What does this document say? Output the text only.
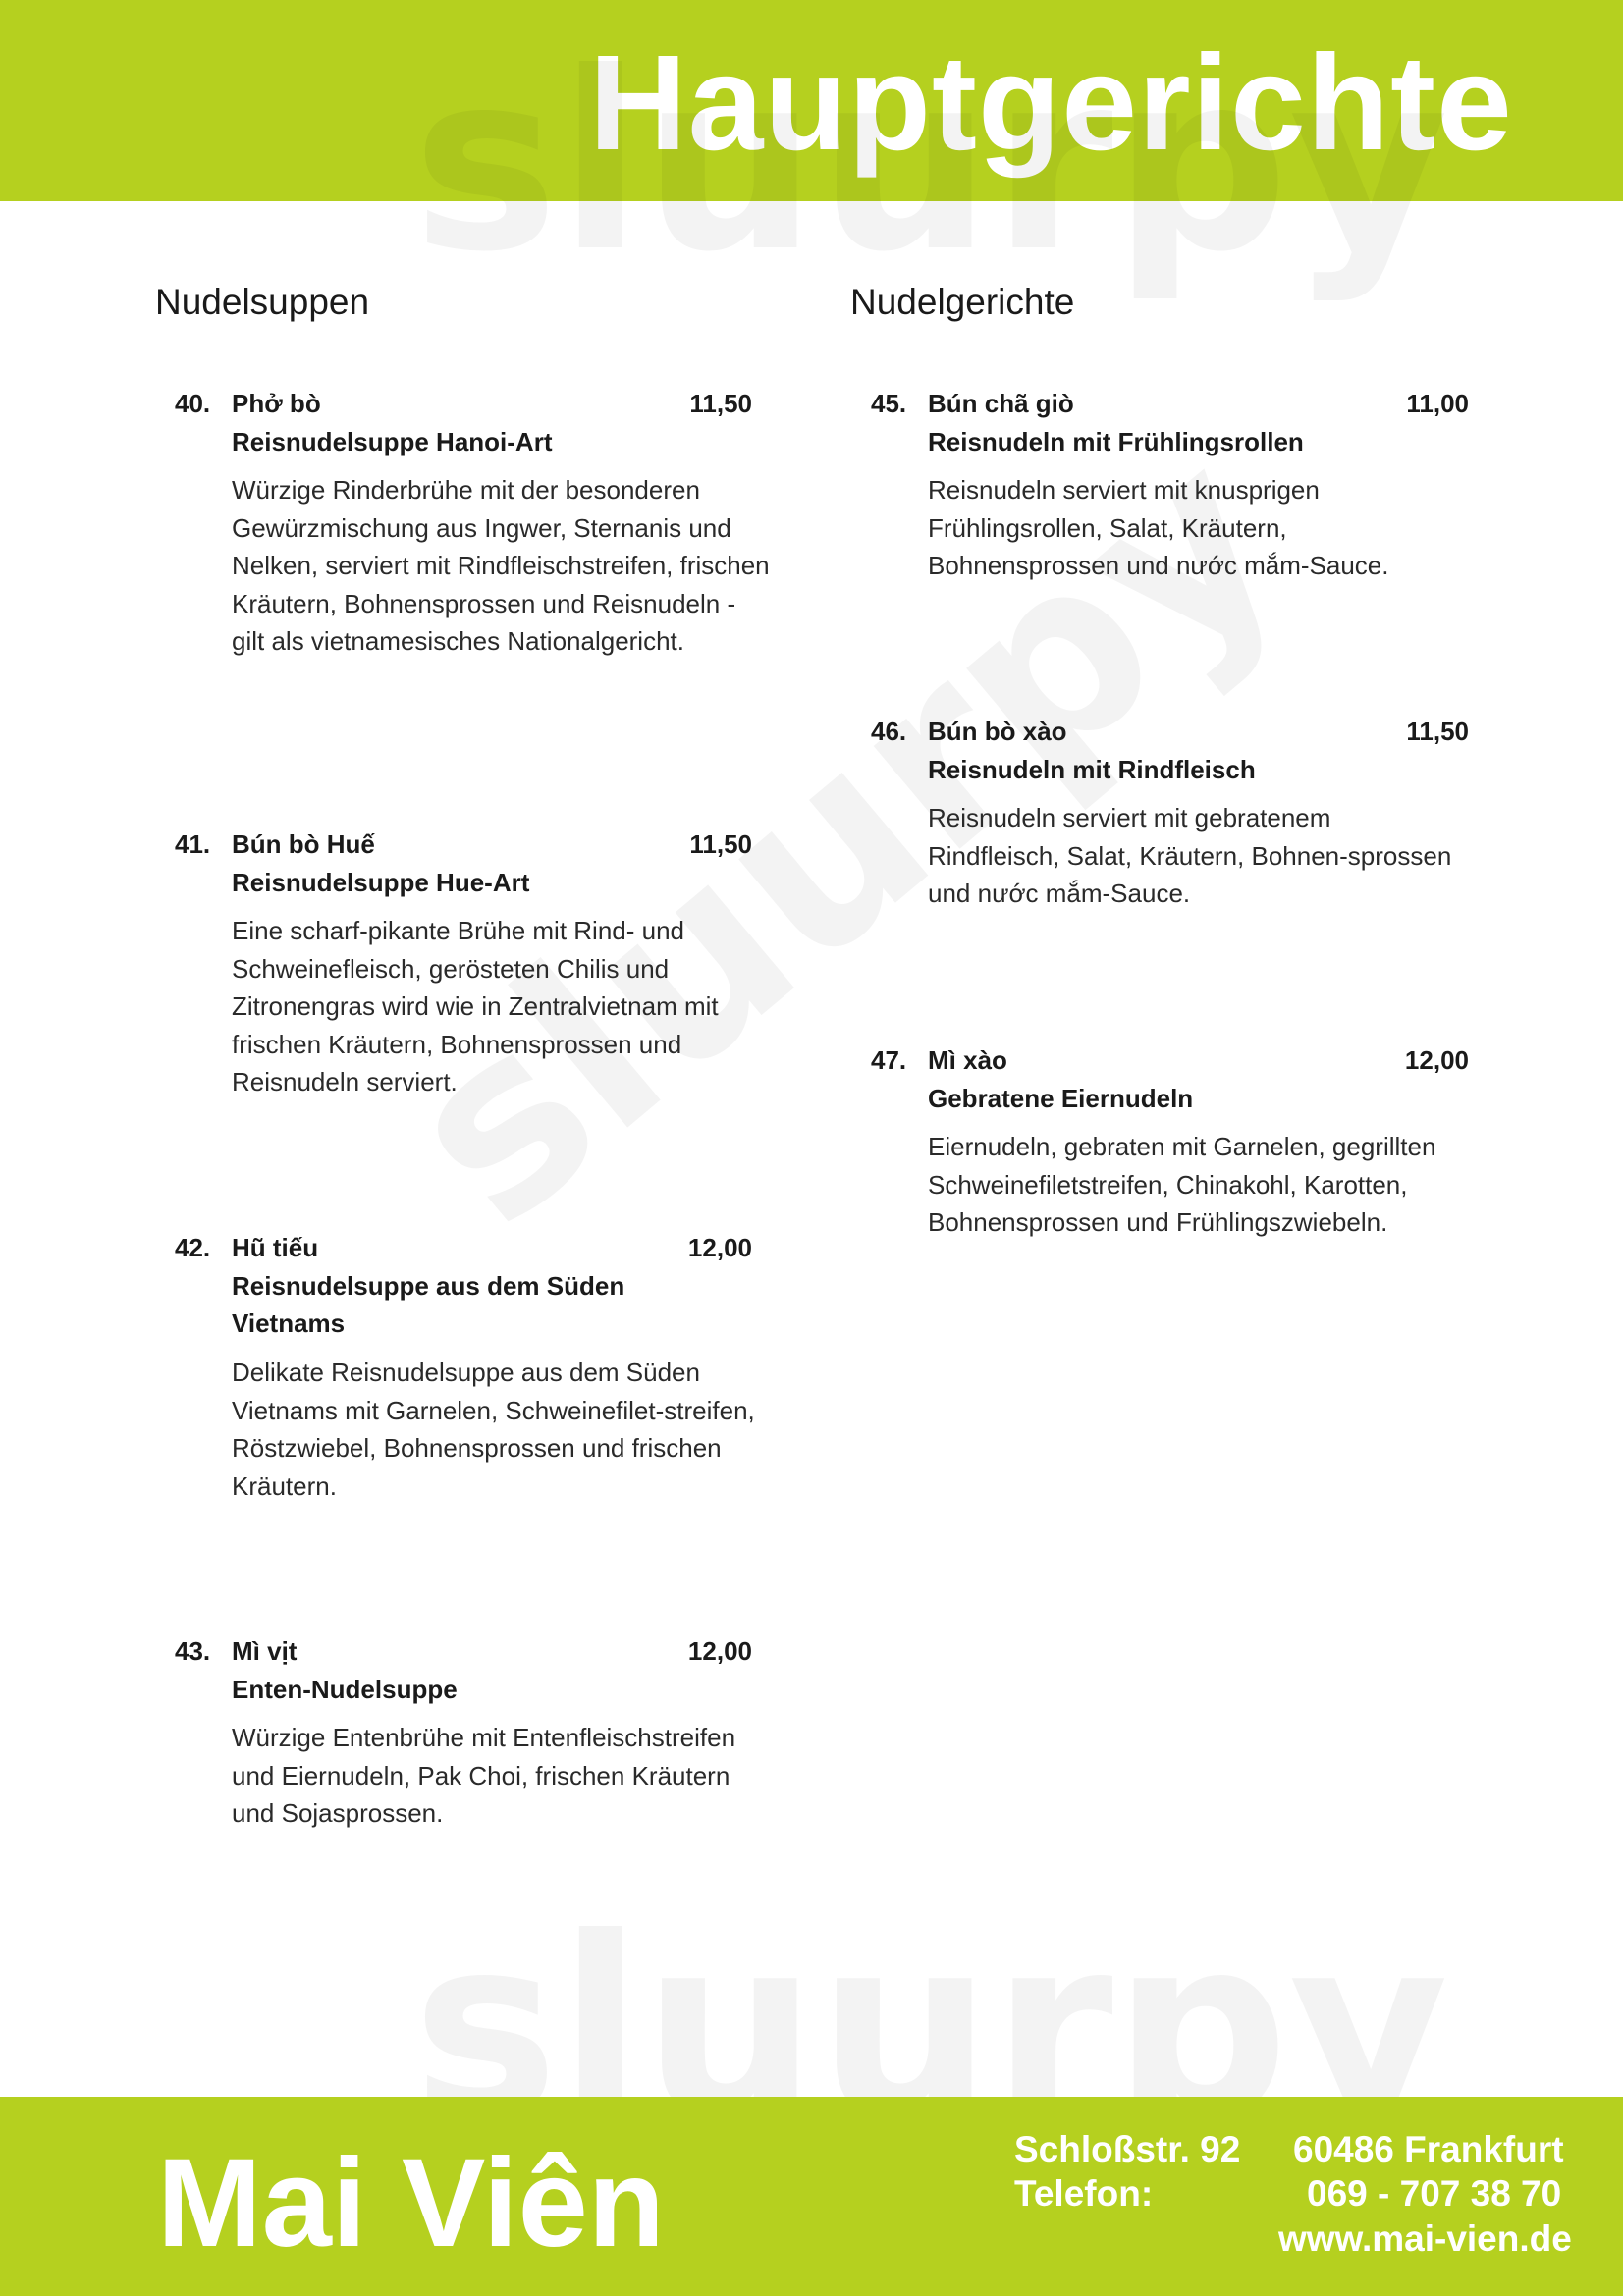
Hauptgerichte
Nudelsuppen	Nudelgerichte
40. Phở bò	11,50
Reisnudelsuppe Hanoi-Art
Würzige Rinderbrühe mit der besonderen Gewürzmischung aus Ingwer, Sternanis und Nelken, serviert mit Rindfleischstreifen, frischen Kräutern, Bohnensprossen und Reisnudeln - gilt als vietnamesisches Nationalgericht.
41. Bún bò Huế	11,50
Reisnudelsuppe Hue-Art
Eine scharf-pikante Brühe mit Rind- und Schweinefleisch, gerösteten Chilis und Zitronengras wird wie in Zentralvietnam mit frischen Kräutern, Bohnensprossen und Reisnudeln serviert.
42. Hũ tiếu	12,00
Reisnudelsuppe aus dem Süden Vietnams
Delikate Reisnudelsuppe aus dem Süden Vietnams mit Garnelen, Schweinefilet-streifen, Röstzwiebel, Bohnensprossen und frischen Kräutern.
43. Mì vịt	12,00
Enten-Nudelsuppe
Würzige Entenbrühe mit Entenfleischstreifen und Eiernudeln, Pak Choi, frischen Kräutern und Sojasprossen.
45. Bún chã giò	11,00
Reisnudeln mit Frühlingsrollen
Reisnudeln serviert mit knusprigen Frühlingsrollen, Salat, Kräutern, Bohnensprossen und nước mắm-Sauce.
46. Bún bò xào	11,50
Reisnudeln mit Rindfleisch
Reisnudeln serviert mit gebratenem Rindfleisch, Salat, Kräutern, Bohnen-sprossen und nước mắm-Sauce.
47. Mì xào	12,00
Gebratene Eiernudeln
Eiernudeln, gebraten mit Garnelen, gegrillten Schweinefiletstreifen, Chinakohl, Karotten, Bohnensprossen und Frühlingszwiebeln.
Mai Viên	Schloßstr. 92 60486 Frankfurt
Telefon:	069 - 707 38 70
www.mai-vien.de
